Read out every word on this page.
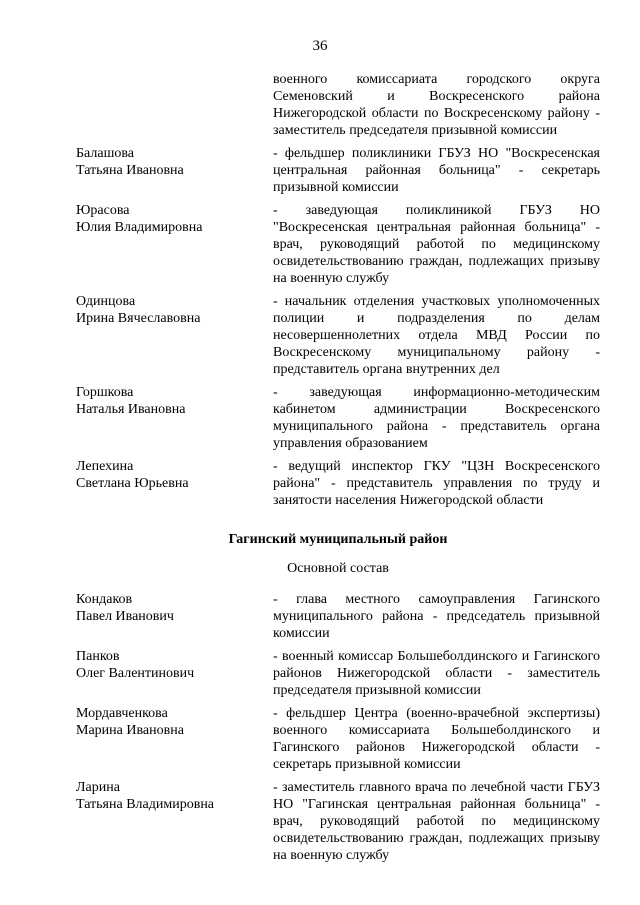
36
военного комиссариата городского округа Семеновский и Воскресенского района Нижегородской области по Воскресенскому району - заместитель председателя призывной комиссии
Балашова
Татьяна Ивановна
- фельдшер поликлиники ГБУЗ НО "Воскресенская центральная районная больница" - секретарь призывной комиссии
Юрасова
Юлия Владимировна
- заведующая поликлиникой ГБУЗ НО "Воскресенская центральная районная больница" - врач, руководящий работой по медицинскому освидетельствованию граждан, подлежащих призыву на военную службу
Одинцова
Ирина Вячеславовна
- начальник отделения участковых уполномоченных полиции и подразделения по делам несовершеннолетних отдела МВД России по Воскресенскому муниципальному району - представитель органа внутренних дел
Горшкова
Наталья Ивановна
- заведующая информационно-методическим кабинетом администрации Воскресенского муниципального района - представитель органа управления образованием
Лепехина
Светлана Юрьевна
- ведущий инспектор ГКУ "ЦЗН Воскресенского района" - представитель управления по труду и занятости населения Нижегородской области
Гагинский муниципальный район
Основной состав
Кондаков
Павел Иванович
- глава местного самоуправления Гагинского муниципального района - председатель призывной комиссии
Панков
Олег Валентинович
- военный комиссар Большеболдинского и Гагинского районов Нижегородской области - заместитель председателя призывной комиссии
Мордавченкова
Марина Ивановна
- фельдшер Центра (военно-врачебной экспертизы) военного комиссариата Большеболдинского и Гагинского районов Нижегородской области - секретарь призывной комиссии
Ларина
Татьяна Владимировна
- заместитель главного врача по лечебной части ГБУЗ НО "Гагинская центральная районная больница" - врач, руководящий работой по медицинскому освидетельствованию граждан, подлежащих призыву на военную службу
